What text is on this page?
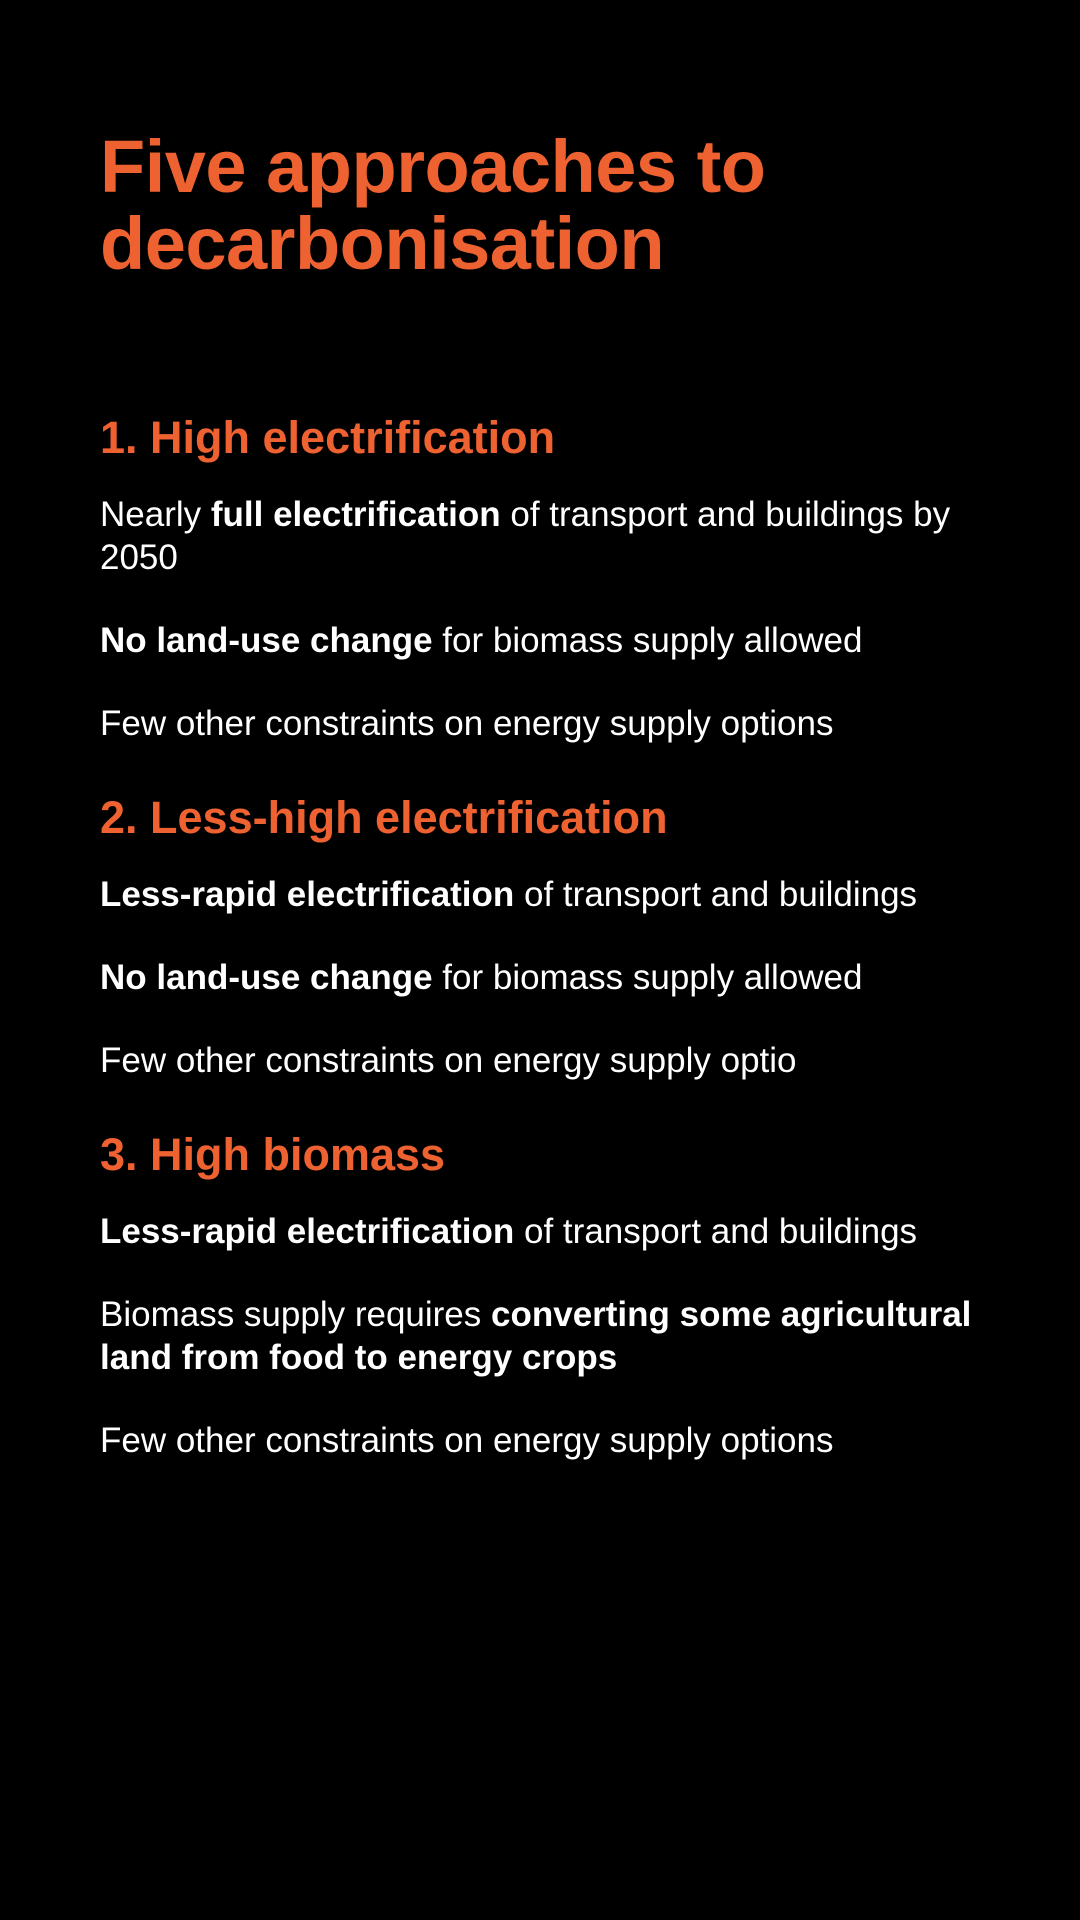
Five approaches to decarbonisation
1. High electrification

Nearly full electrification of transport and buildings by 2050

No land-use change for biomass supply allowed

Few other constraints on energy supply options

2. Less-high electrification

Less-rapid electrification of transport and buildings

No land-use change for biomass supply allowed

Few other constraints on energy supply optio

3. High biomass

Less-rapid electrification of transport and buildings

Biomass supply requires converting some agricultural land from food to energy crops

Few other constraints on energy supply options
